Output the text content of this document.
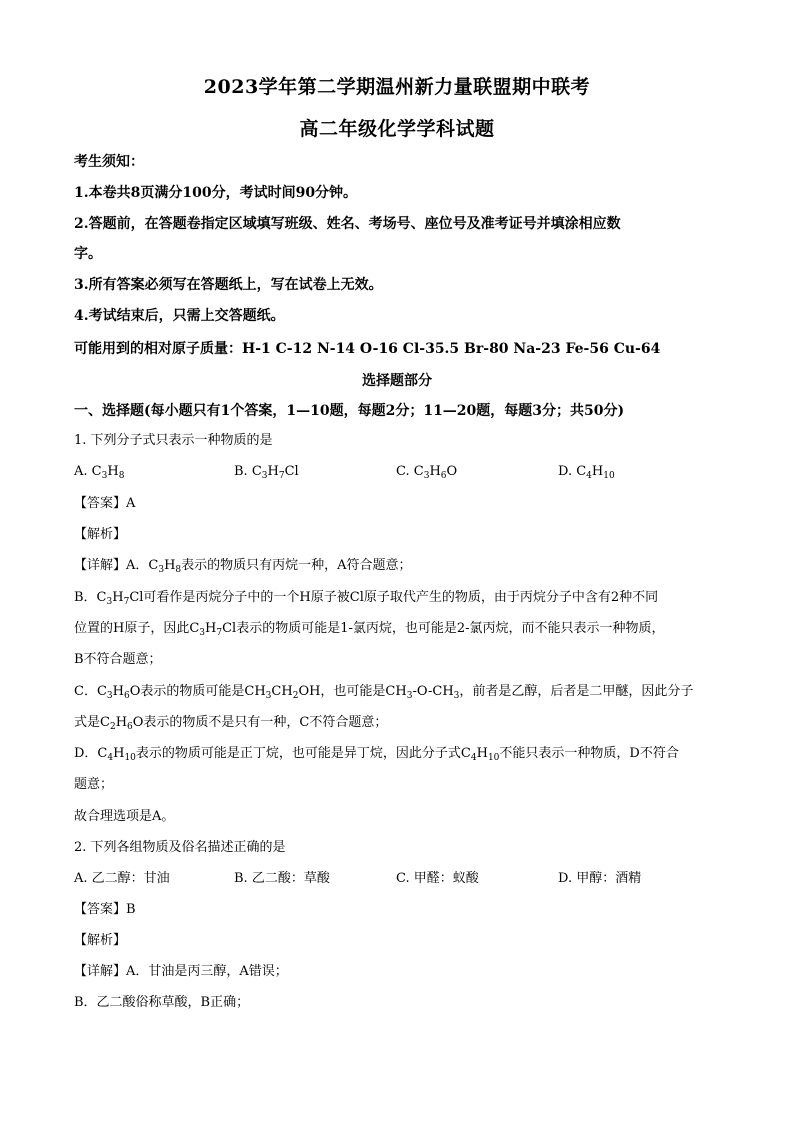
2023学年第二学期温州新力量联盟期中联考
高二年级化学学科试题
考生须知：
1.本卷共8页满分100分，考试时间90分钟。
2.答题前，在答题卷指定区域填写班级、姓名、考场号、座位号及准考证号并填涂相应数
字。
3.所有答案必须写在答题纸上，写在试卷上无效。
4.考试结束后，只需上交答题纸。
可能用到的相对原子质量：H-1 C-12 N-14 O-16 Cl-35.5 Br-80 Na-23 Fe-56 Cu-64
选择题部分
一、选择题(每小题只有1个答案，1—10题，每题2分；11—20题，每题3分；共50分)
1. 下列分子式只表示一种物质的是
A. $C_3H_8$	B. $C_3H_7Cl$	C. $C_3H_6O$	D. $C_4H_{10}$
【答案】A
【解析】
【详解】A．$C_3H_8$表示的物质只有丙烷一种，A符合题意；
B．$C_3H_7Cl$可看作是丙烷分子中的一个H原子被Cl原子取代产生的物质，由于丙烷分子中含有2种不同
位置的H原子，因此$C_3H_7Cl$表示的物质可能是1-氯丙烷，也可能是2-氯丙烷，而不能只表示一种物质，
B不符合题意；
C．$C_3H_6O$表示的物质可能是$CH_3CH_2OH$，也可能是$CH_3-O-CH_3$，前者是乙醇，后者是二甲醚，因此分子
式是$C_2H_6O$表示的物质不是只有一种，C不符合题意；
D．$C_4H_{10}$表示的物质可能是正丁烷，也可能是异丁烷，因此分子式$C_4H_{10}$不能只表示一种物质，D不符合
题意；
故合理选项是A。
2. 下列各组物质及俗名描述正确的是
A. 乙二醇：甘油	B. 乙二酸：草酸	C. 甲醛：蚁酸	D. 甲醇：酒精
【答案】B
【解析】
【详解】A．甘油是丙三醇，A错误；
B．乙二酸俗称草酸，B正确；
